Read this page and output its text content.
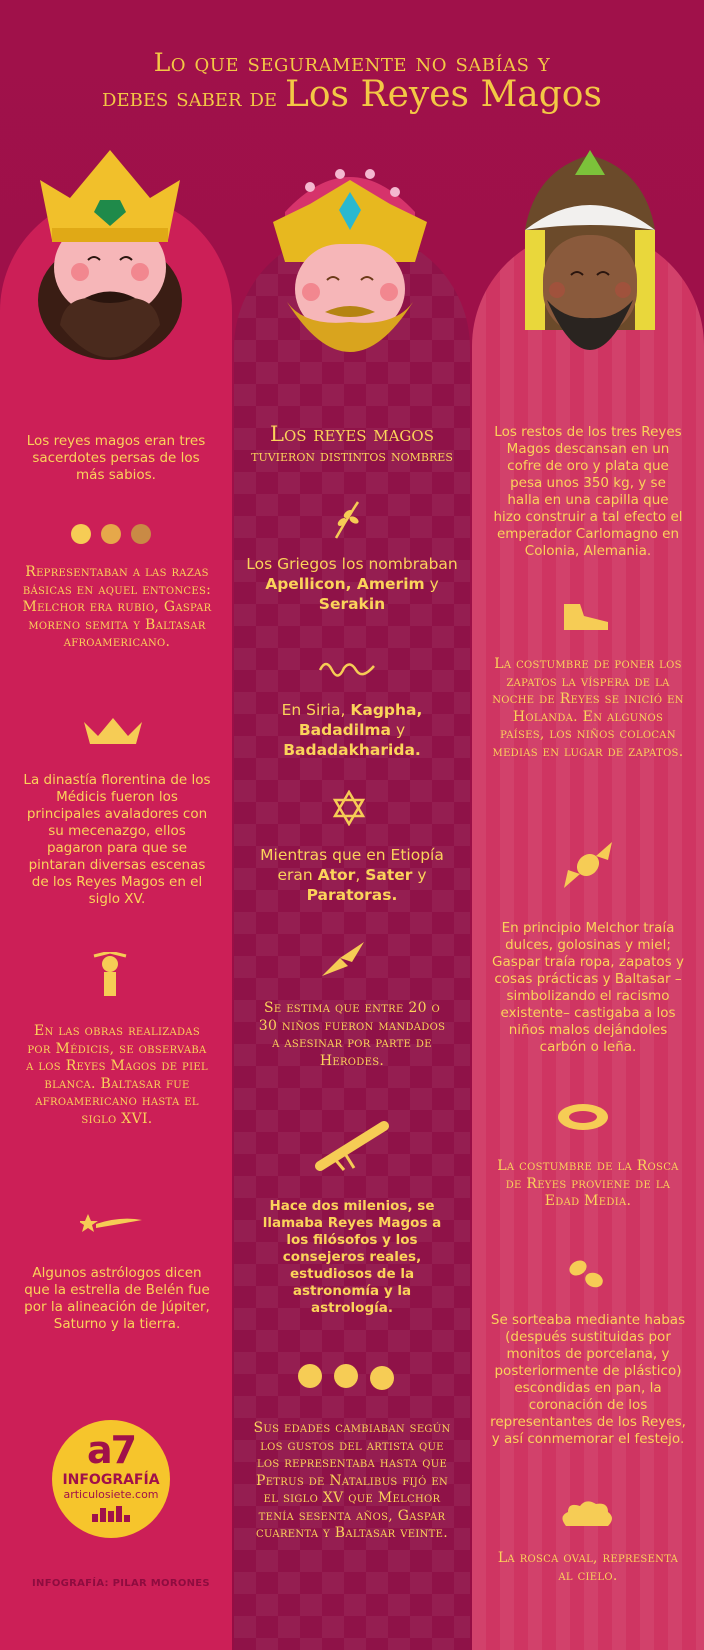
Lo que seguramente no sabías y
debes saber de Los Reyes Magos
Los reyes magos eran tres sacerdotes persas de los más sabios.
Representaban a las razas básicas en aquel entonces: Melchor era rubio, Gaspar moreno semita y Baltasar afroamericano.
La dinastía florentina de los Médicis fueron los principales avaladores con su mecenazgo, ellos pagaron para que se pintaran diversas escenas de los Reyes Magos en el siglo XV.
En las obras realizadas por Médicis, se observaba a los Reyes Magos de piel blanca. Baltasar fue afroamericano hasta el siglo XVI.
Algunos astrólogos dicen que la estrella de Belén fue por la alineación de Júpiter, Saturno y la tierra.
a7
INFOGRAFÍA
articulosiete.com
INFOGRAFÍA: PILAR MORONES
Los reyes magos
tuvieron distintos nombres
Los Griegos los nombraban Apellicon, Amerim y Serakin
En Siria, Kagpha, Badadilma y Badadakharida.
Mientras que en Etiopía eran Ator, Sater y Paratoras.
Se estima que entre 20 o 30 niños fueron mandados a asesinar por parte de Herodes.
Hace dos milenios, se llamaba Reyes Magos a los filósofos y los consejeros reales, estudiosos de la astronomía y la astrología.
Sus edades cambiaban según los gustos del artista que los representaba hasta que Petrus de Natalibus fijó en el siglo XV que Melchor tenía sesenta años, Gaspar cuarenta y Baltasar veinte.
Los restos de los tres Reyes Magos descansan en un cofre de oro y plata que pesa unos 350 kg, y se halla en una capilla que hizo construir a tal efecto el emperador Carlomagno en Colonia, Alemania.
La costumbre de poner los zapatos la víspera de la noche de Reyes se inició en Holanda. En algunos países, los niños colocan medias en lugar de zapatos.
En principio Melchor traía dulces, golosinas y miel; Gaspar traía ropa, zapatos y cosas prácticas y Baltasar –simbolizando el racismo existente– castigaba a los niños malos dejándoles carbón o leña.
La costumbre de la Rosca de Reyes proviene de la Edad Media.
Se sorteaba mediante habas (después sustituidas por monitos de porcelana, y posteriormente de plástico) escondidas en pan, la coronación de los representantes de los Reyes, y así conmemorar el festejo.
La rosca oval, representa al cielo.
